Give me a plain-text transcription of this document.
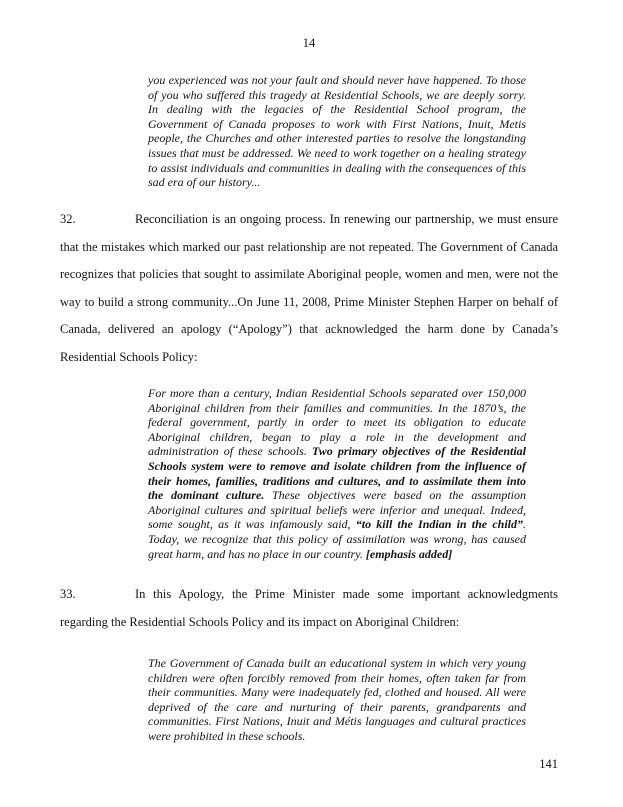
14

you experienced was not your fault and should never have happened. To those of you who suffered this tragedy at Residential Schools, we are deeply sorry. In dealing with the legacies of the Residential School program, the Government of Canada proposes to work with First Nations, Inuit, Metis people, the Churches and other interested parties to resolve the longstanding issues that must be addressed. We need to work together on a healing strategy to assist individuals and communities in dealing with the consequences of this sad era of our history...

32.	Reconciliation is an ongoing process. In renewing our partnership, we must ensure that the mistakes which marked our past relationship are not repeated. The Government of Canada recognizes that policies that sought to assimilate Aboriginal people, women and men, were not the way to build a strong community...On June 11, 2008, Prime Minister Stephen Harper on behalf of Canada, delivered an apology (“Apology”) that acknowledged the harm done by Canada’s Residential Schools Policy:

For more than a century, Indian Residential Schools separated over 150,000 Aboriginal children from their families and communities. In the 1870’s, the federal government, partly in order to meet its obligation to educate Aboriginal children, began to play a role in the development and administration of these schools. Two primary objectives of the Residential Schools system were to remove and isolate children from the influence of their homes, families, traditions and cultures, and to assimilate them into the dominant culture. These objectives were based on the assumption Aboriginal cultures and spiritual beliefs were inferior and unequal. Indeed, some sought, as it was infamously said, “to kill the Indian in the child”. Today, we recognize that this policy of assimilation was wrong, has caused great harm, and has no place in our country. [emphasis added]

33.	In this Apology, the Prime Minister made some important acknowledgments regarding the Residential Schools Policy and its impact on Aboriginal Children:

The Government of Canada built an educational system in which very young children were often forcibly removed from their homes, often taken far from their communities. Many were inadequately fed, clothed and housed. All were deprived of the care and nurturing of their parents, grandparents and communities. First Nations, Inuit and Métis languages and cultural practices were prohibited in these schools.

141
